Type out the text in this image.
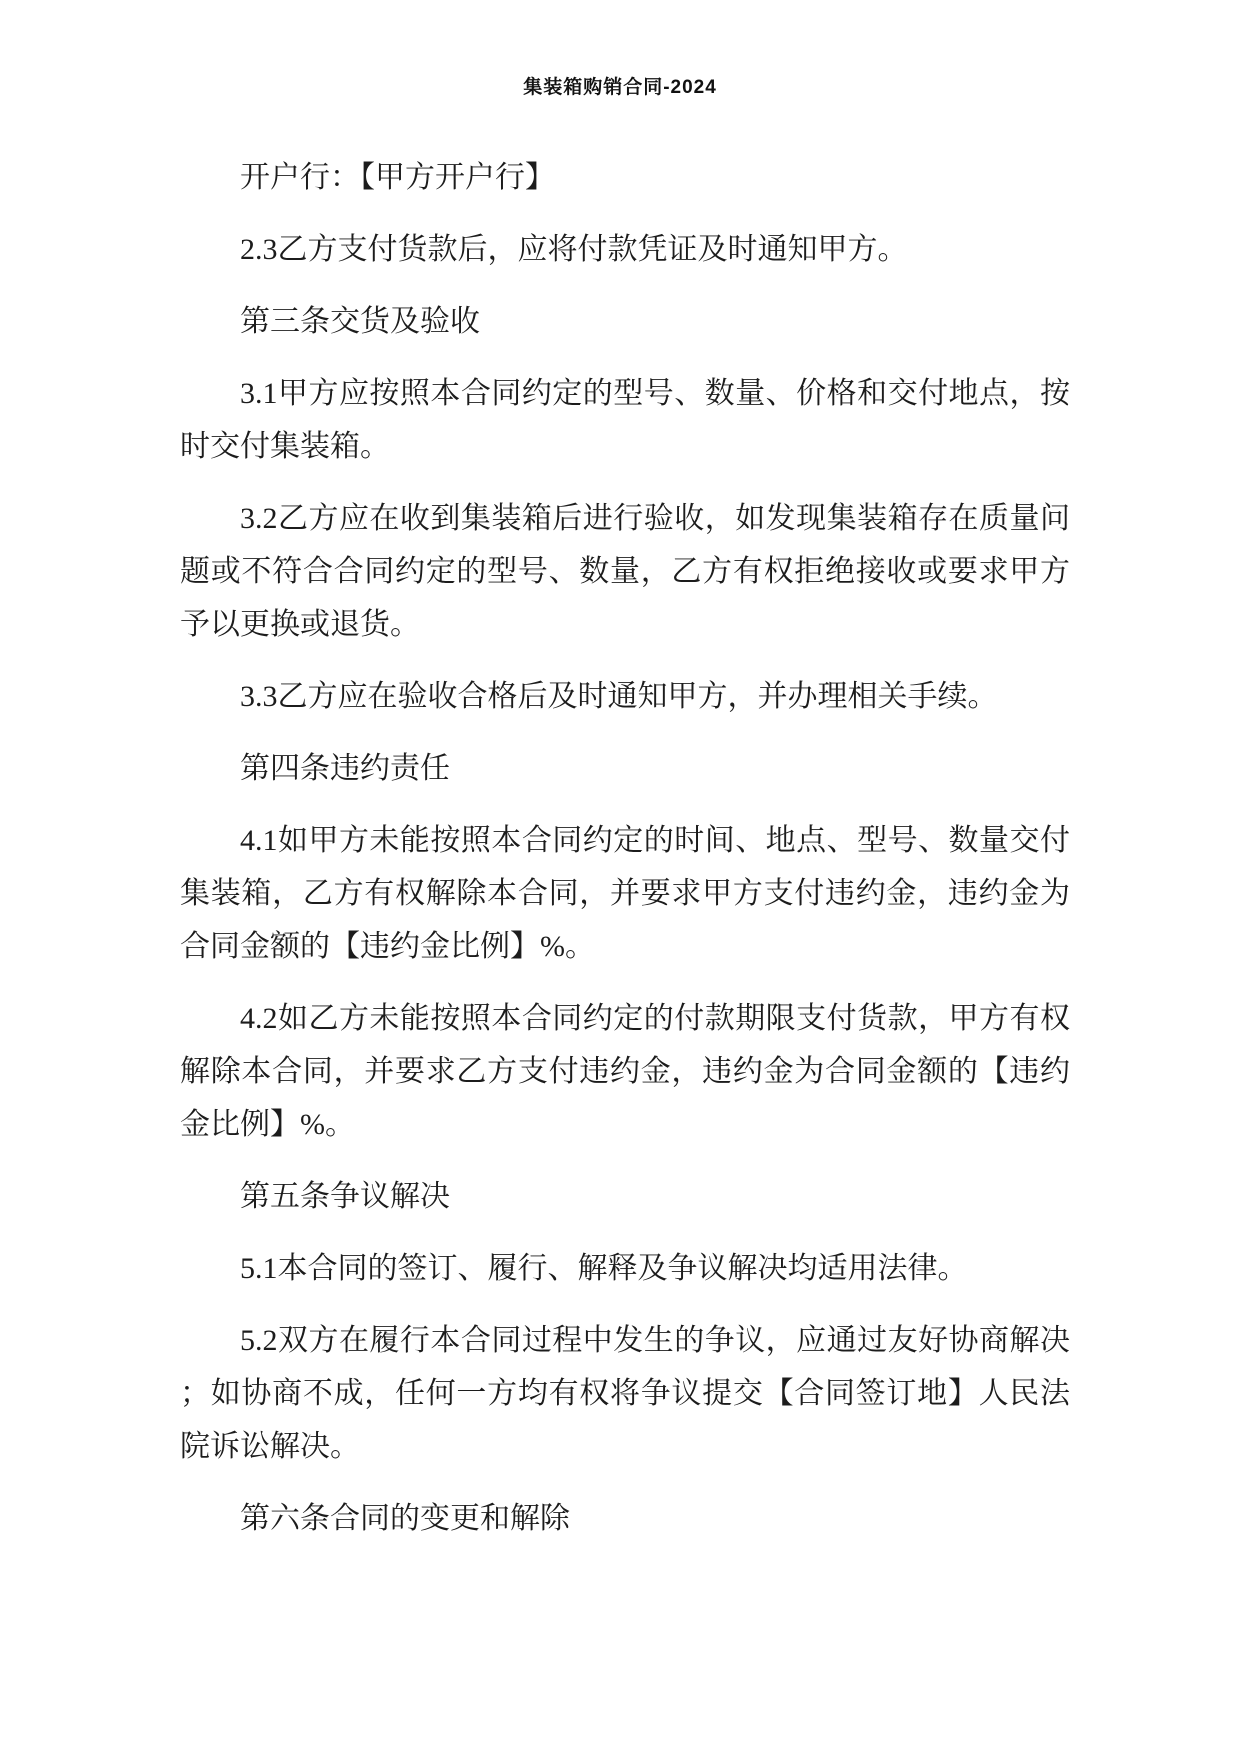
集装箱购销合同-2024
开户行：【甲方开户行】
2.3乙方支付货款后，应将付款凭证及时通知甲方。
第三条交货及验收
3.1甲方应按照本合同约定的型号、数量、价格和交付地点，按
时交付集装箱。
3.2乙方应在收到集装箱后进行验收，如发现集装箱存在质量问
题或不符合合同约定的型号、数量，乙方有权拒绝接收或要求甲方
予以更换或退货。
3.3乙方应在验收合格后及时通知甲方，并办理相关手续。
第四条违约责任
4.1如甲方未能按照本合同约定的时间、地点、型号、数量交付
集装箱，乙方有权解除本合同，并要求甲方支付违约金，违约金为
合同金额的【违约金比例】%。
4.2如乙方未能按照本合同约定的付款期限支付货款，甲方有权
解除本合同，并要求乙方支付违约金，违约金为合同金额的【违约
金比例】%。
第五条争议解决
5.1本合同的签订、履行、解释及争议解决均适用法律。
5.2双方在履行本合同过程中发生的争议，应通过友好协商解决
；如协商不成，任何一方均有权将争议提交【合同签订地】人民法
院诉讼解决。
第六条合同的变更和解除
